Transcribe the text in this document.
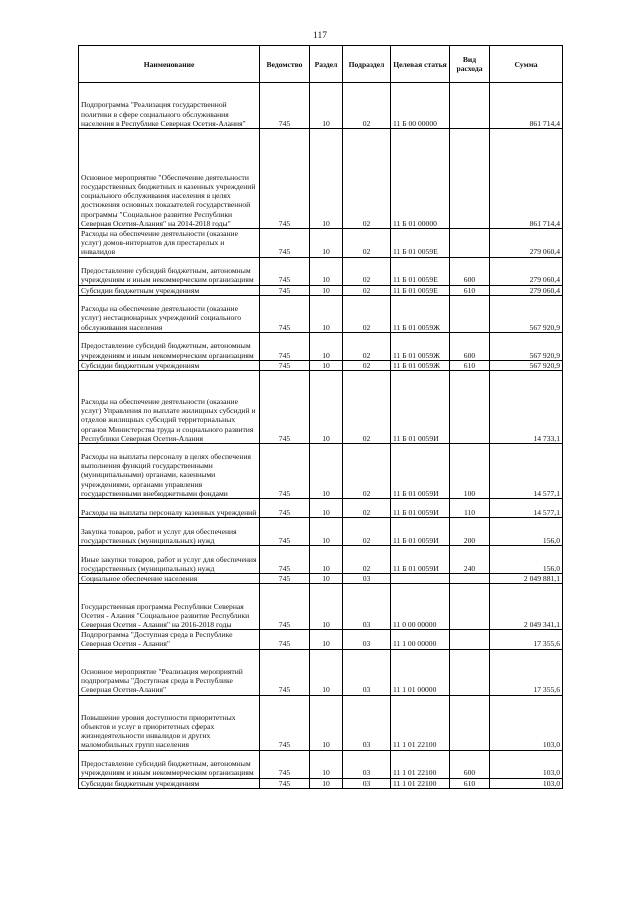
117
Наименование	Ведомство	Раздел	Подраздел	Целевая статья	Вид расхода	Сумма
Подпрограмма "Реализация государственной политики в сфере социального обслуживания населения в Республике Северная Осетия-Алания"	745	10	02	11 Б 00 00000		861 714,4
Основное мероприятие "Обеспечение деятельности государственных бюджетных и казенных учреждений социального обслуживания населения в целях достижения основных показателей государственной программы "Социальное развитие Республики Северная Осетия-Алания" на 2014-2018 годы"	745	10	02	11 Б 01 00000		861 714,4
Расходы на обеспечение деятельности (оказание услуг) домов-интернатов для престарелых и инвалидов	745	10	02	11 Б 01 0059Е		279 060,4
Предоставление субсидий бюджетным, автономным учреждениям и иным некоммерческим организациям	745	10	02	11 Б 01 0059Е	600	279 060,4
Субсидии бюджетным учреждениям	745	10	02	11 Б 01 0059Е	610	279 060,4
Расходы на обеспечение деятельности (оказание услуг) нестационарных учреждений социального обслуживания населения	745	10	02	11 Б 01 0059Ж		567 920,9
Предоставление субсидий бюджетным, автономным учреждениям и иным некоммерческим организациям	745	10	02	11 Б 01 0059Ж	600	567 920,9
Субсидии бюджетным учреждениям	745	10	02	11 Б 01 0059Ж	610	567 920,9
Расходы на обеспечение деятельности (оказание услуг) Управления по выплате жилищных субсидий и отделов жилищных субсидий территориальных органов Министерства труда и социального развития Республики Северная Осетия-Алания	745	10	02	11 Б 01 0059И		14 733,1
Расходы на выплаты персоналу в целях обеспечения выполнения функций государственными (муниципальными) органами, казенными учреждениями, органами управления государственными внебюджетными фондами	745	10	02	11 Б 01 0059И	100	14 577,1
Расходы на выплаты персоналу казенных учреждений	745	10	02	11 Б 01 0059И	110	14 577,1
Закупка товаров, работ и услуг для обеспечения государственных (муниципальных) нужд	745	10	02	11 Б 01 0059И	200	156,0
Иные закупки товаров, работ и услуг для обеспечения государственных (муниципальных) нужд	745	10	02	11 Б 01 0059И	240	156,0
Социальное обеспечение населения	745	10	03			2 049 881,1
Государственная программа Республики Северная Осетия - Алания "Социальное развитие Республики Северная Осетия - Алания" на 2016-2018 годы	745	10	03	11 0 00 00000		2 049 341,1
Подпрограмма "Доступная среда в Республике Северная Осетия - Алания"	745	10	03	11 1 00 00000		17 355,6
Основное мероприятие "Реализация мероприятий подпрограммы "Доступная среда в Республике Северная Осетия-Алания"	745	10	03	11 1 01 00000		17 355,6
Повышение уровня доступности приоритетных объектов и услуг в приоритетных сферах жизнедеятельности инвалидов и других маломобильных групп населения	745	10	03	11 1 01 22100		103,0
Предоставление субсидий бюджетным, автономным учреждениям и иным некоммерческим организациям	745	10	03	11 1 01 22100	600	103,0
Субсидии бюджетным учреждениям	745	10	03	11 1 01 22100	610	103,0
